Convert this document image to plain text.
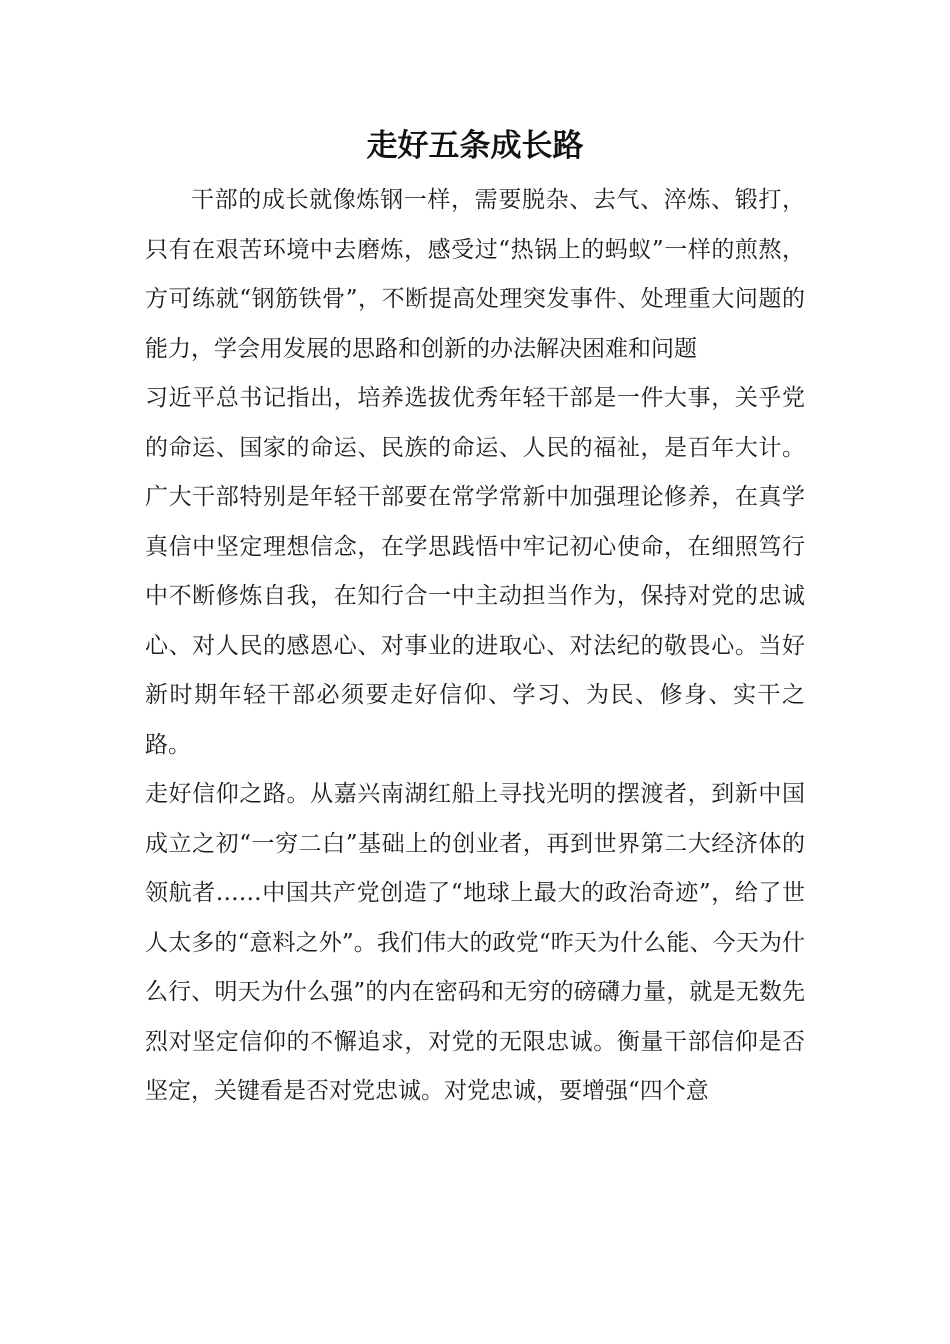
走好五条成长路

干部的成长就像炼钢一样，需要脱杂、去气、淬炼、锻打，只有在艰苦环境中去磨炼，感受过“热锅上的蚂蚁”一样的煎熬，方可练就“钢筋铁骨”，不断提高处理突发事件、处理重大问题的能力，学会用发展的思路和创新的办法解决困难和问题

习近平总书记指出，培养选拔优秀年轻干部是一件大事，关乎党的命运、国家的命运、民族的命运、人民的福祉，是百年大计。广大干部特别是年轻干部要在常学常新中加强理论修养，在真学真信中坚定理想信念，在学思践悟中牢记初心使命，在细照笃行中不断修炼自我，在知行合一中主动担当作为，保持对党的忠诚心、对人民的感恩心、对事业的进取心、对法纪的敬畏心。当好新时期年轻干部必须要走好信仰、学习、为民、修身、实干之路。

走好信仰之路。从嘉兴南湖红船上寻找光明的摆渡者，到新中国成立之初“一穷二白”基础上的创业者，再到世界第二大经济体的领航者……中国共产党创造了“地球上最大的政治奇迹”，给了世人太多的“意料之外”。我们伟大的政党“昨天为什么能、今天为什么行、明天为什么强”的内在密码和无穷的磅礴力量，就是无数先烈对坚定信仰的不懈追求，对党的无限忠诚。衡量干部信仰是否坚定，关键看是否对党忠诚。对党忠诚，要增强“四个意
